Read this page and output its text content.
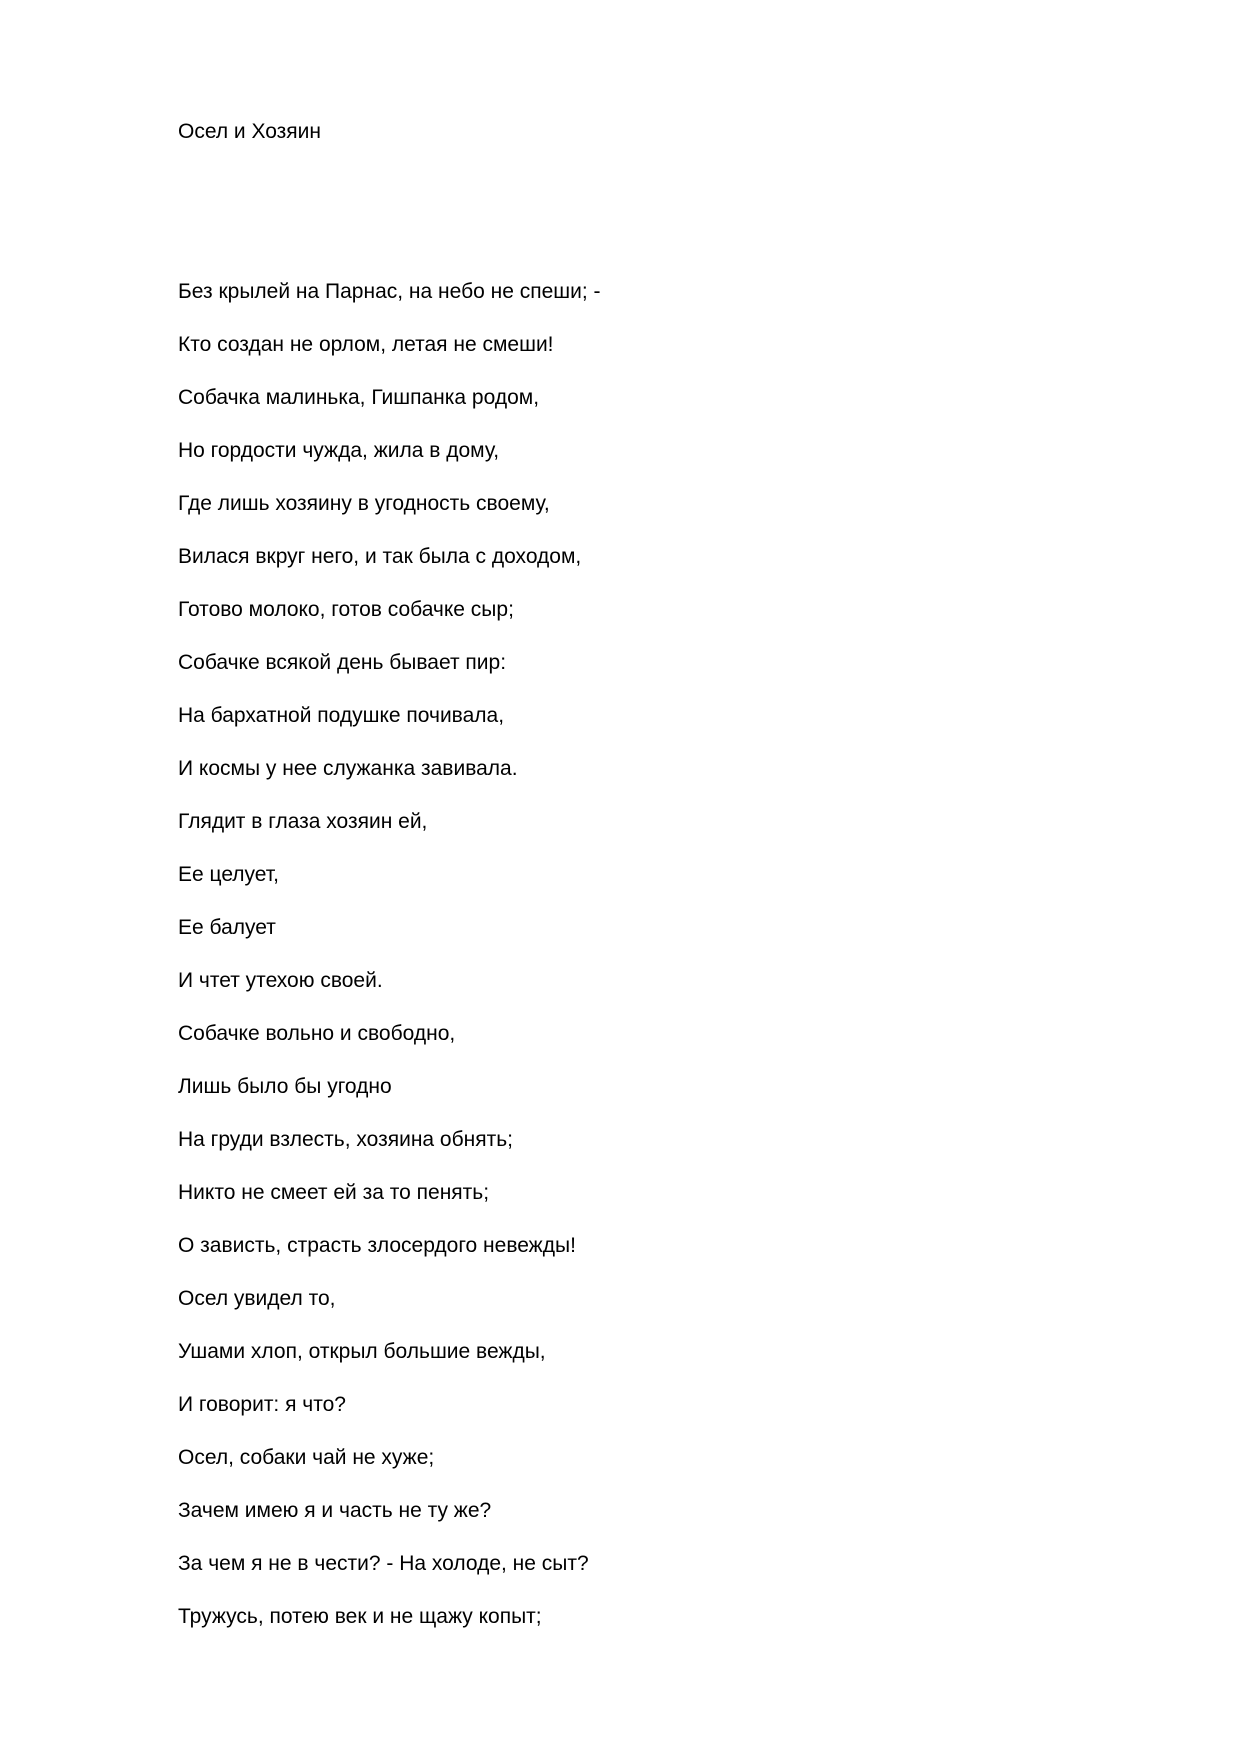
Осел и Хозяин
Без крылей на Парнас, на небо не спеши; -
Кто создан не орлом, летая не смеши!
Собачка малинька, Гишпанка родом,
Но гордости чужда, жила в дому,
Где лишь хозяину в угодность своему,
Вилася вкруг него, и так была с доходом,
Готово молоко, готов собачке сыр;
Собачке всякой день бывает пир:
На бархатной подушке почивала,
И космы у нее служанка завивала.
Глядит в глаза хозяин ей,
Ее целует,
Ее балует
И чтет утехою своей.
Собачке вольно и свободно,
Лишь было бы угодно
На груди взлесть, хозяина обнять;
Никто не смеет ей за то пенять;
О зависть, страсть злосердого невежды!
Осел увидел то,
Ушами хлоп, открыл большие вежды,
И говорит: я что?
Осел, собаки чай не хуже;
Зачем имею я и часть не ту же?
За чем я не в чести? - На холоде, не сыт?
Тружусь, потею век и не щажу копыт;
